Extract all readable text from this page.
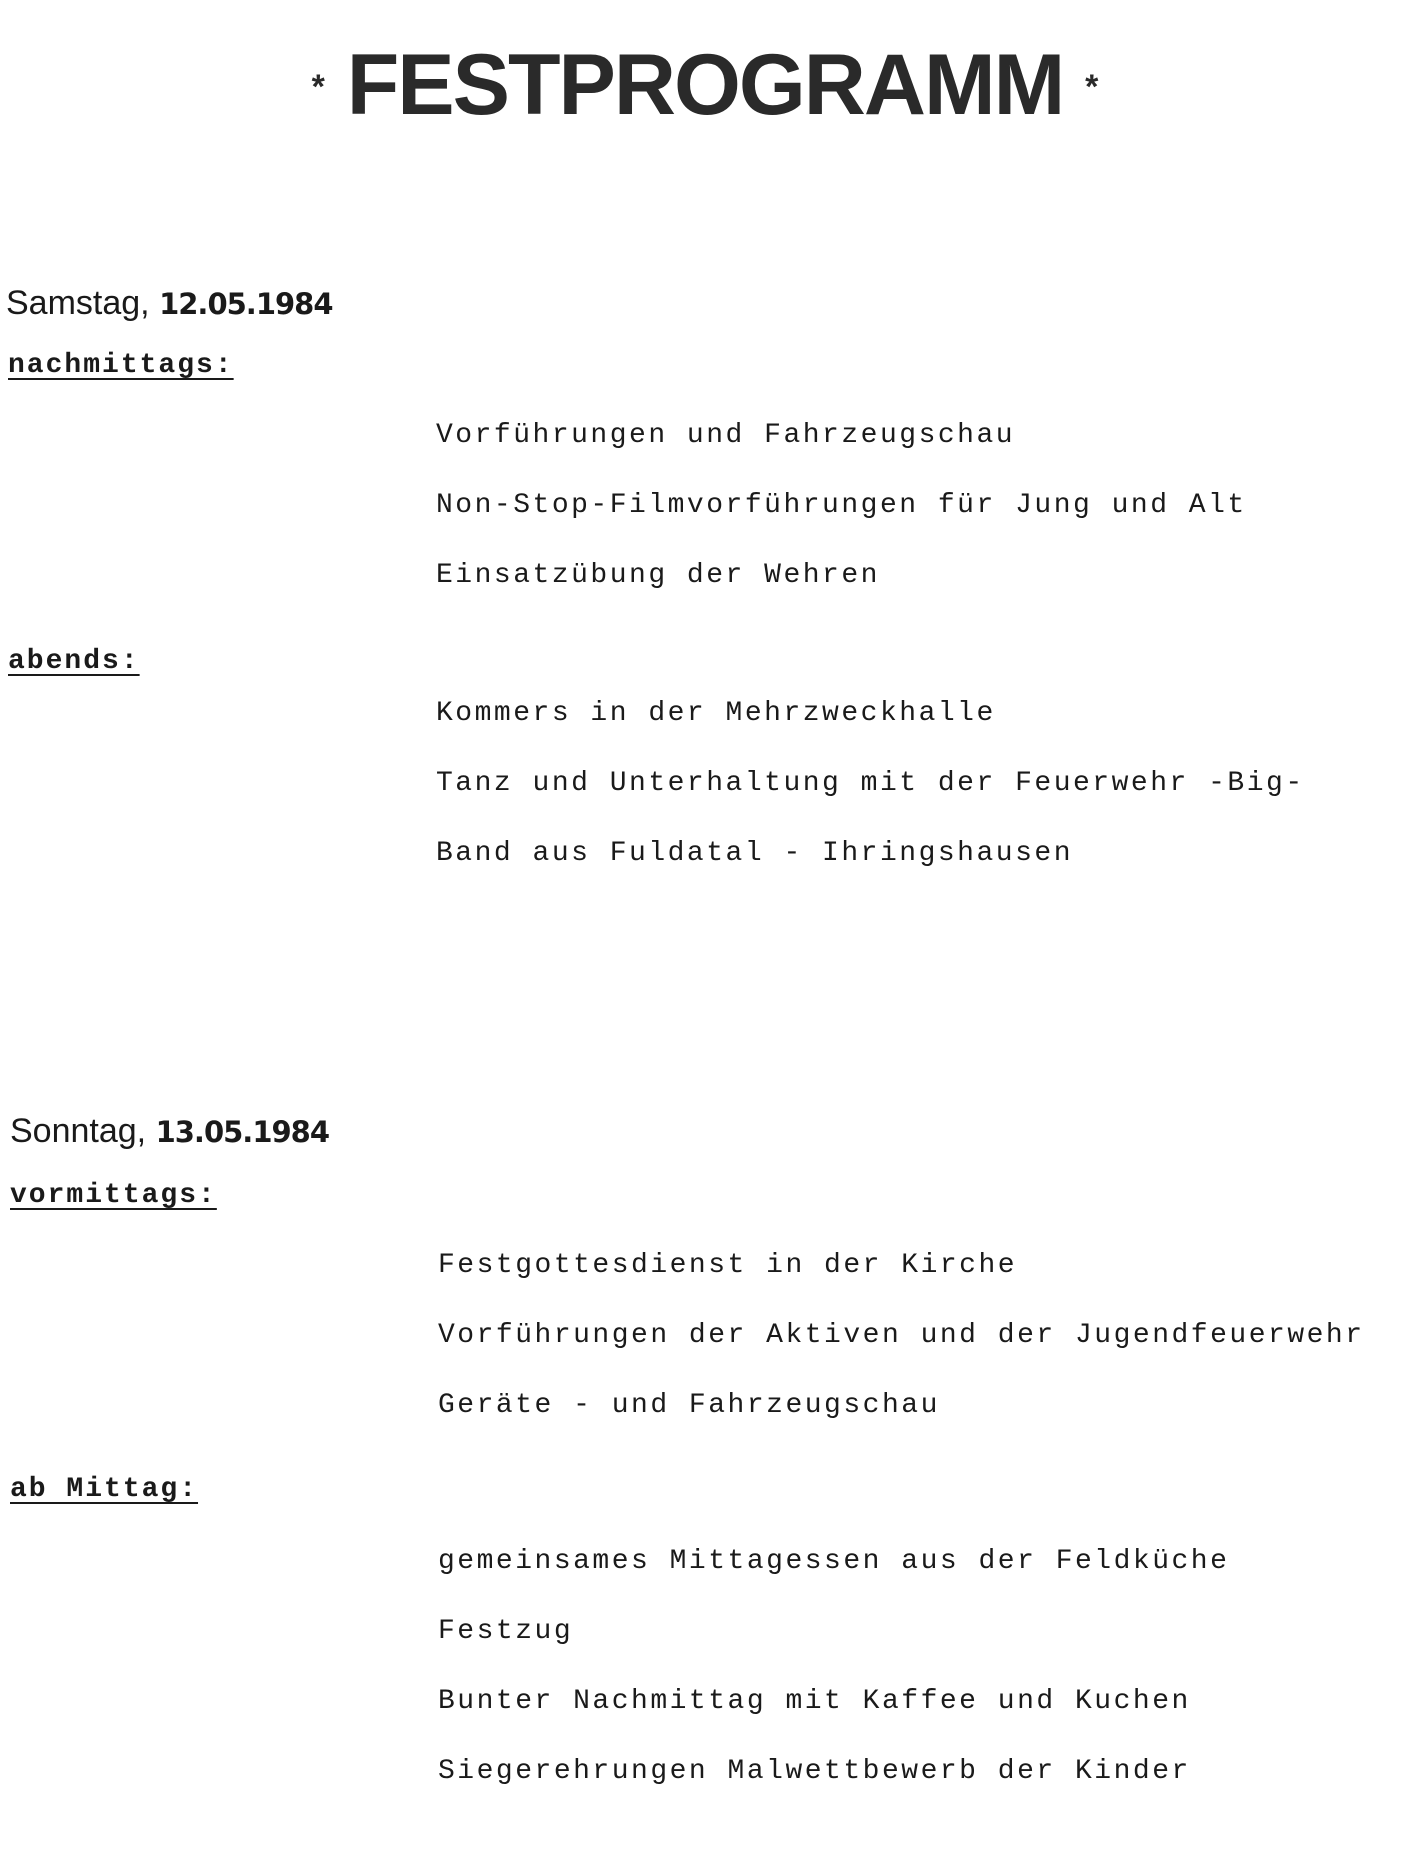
* FESTPROGRAMM *
Samstag, 12.05.1984
nachmittags:
Vorführungen und Fahrzeugschau
Non-Stop-Filmvorführungen für Jung und Alt
Einsatzübung der Wehren
abends:
Kommers in der Mehrzweckhalle
Tanz und Unterhaltung mit der Feuerwehr -Big-
Band aus Fuldatal - Ihringshausen
Sonntag, 13.05.1984
vormittags:
Festgottesdienst in der Kirche
Vorführungen der Aktiven und der Jugendfeuerwehr
Geräte - und Fahrzeugschau
ab Mittag:
gemeinsames Mittagessen aus der Feldküche
Festzug
Bunter Nachmittag mit Kaffee und Kuchen
Siegerehrungen Malwettbewerb der Kinder
